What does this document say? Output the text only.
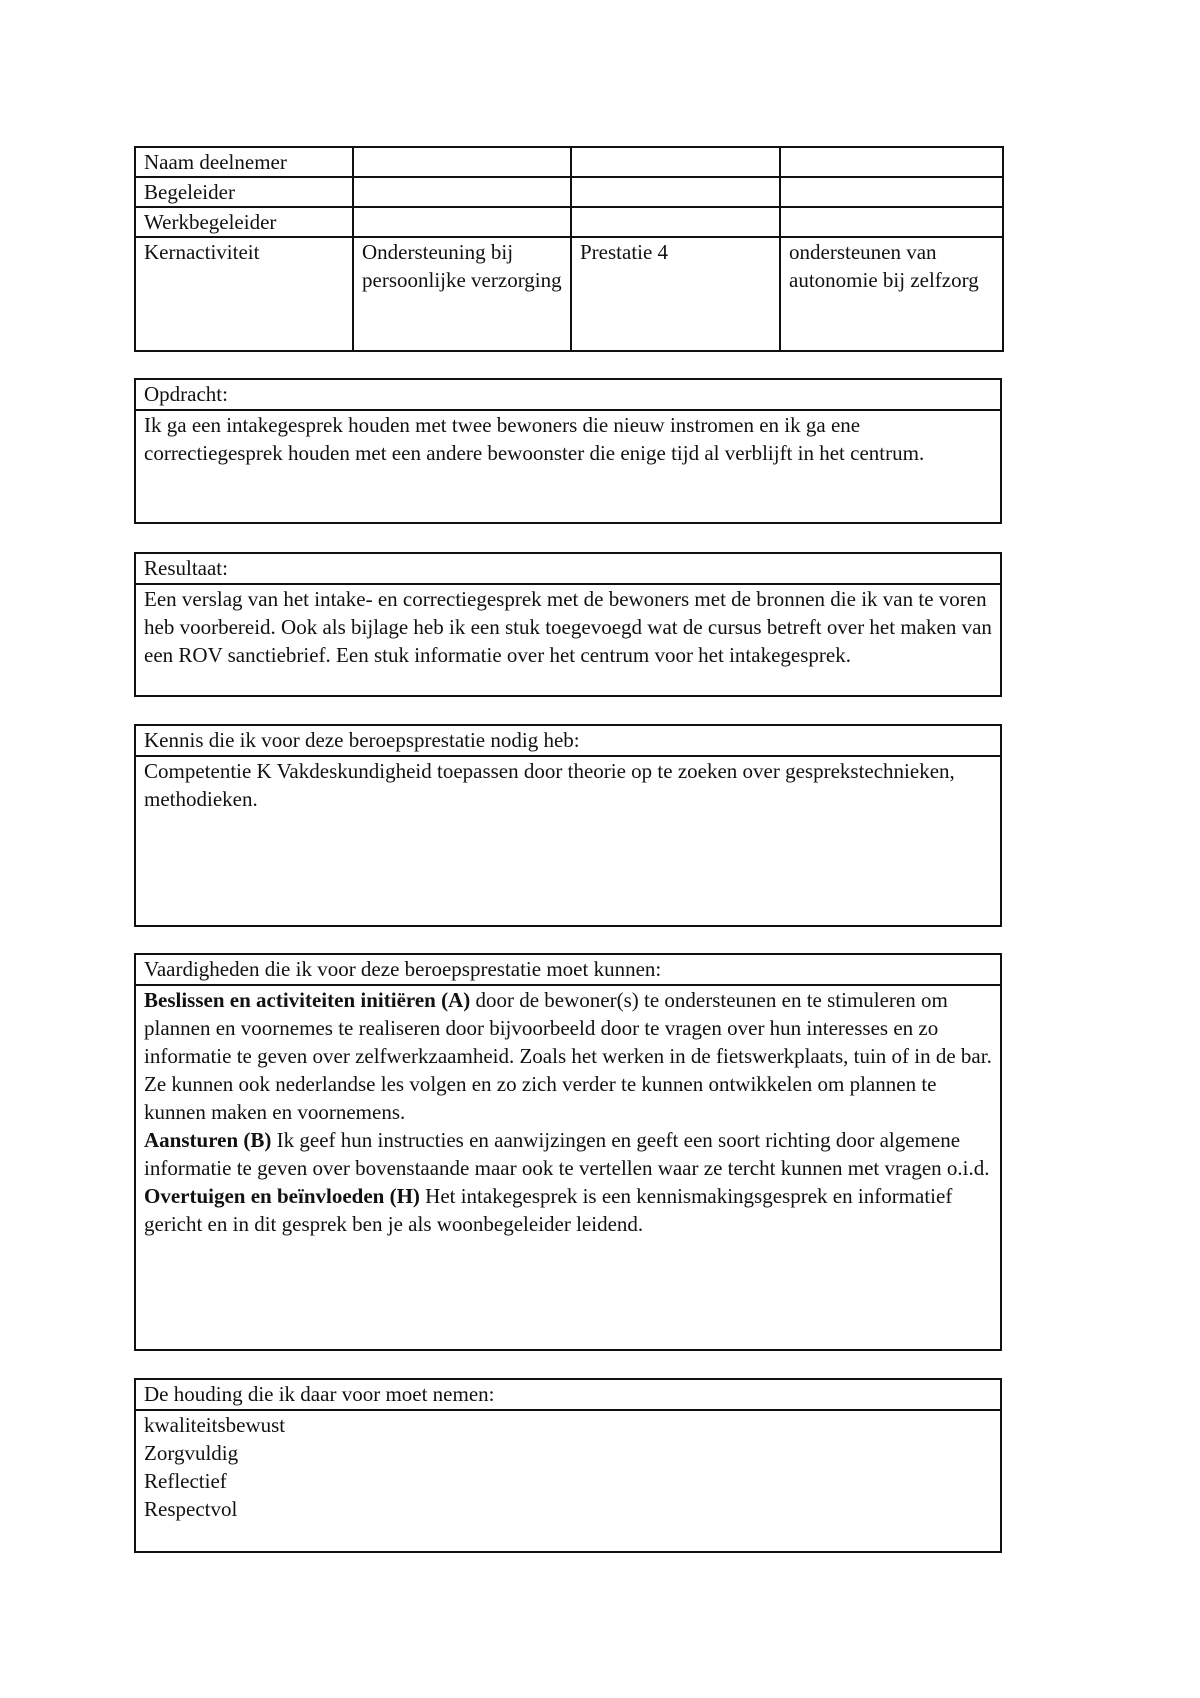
Naam deelnemer			
Begeleider			
Werkbegeleider			
Kernactiviteit	Ondersteuning bij persoonlijke verzorging	Prestatie 4	ondersteunen van autonomie bij zelfzorg
Opdracht:

Ik ga een intakegesprek houden met twee bewoners die nieuw instromen en ik ga ene correctiegesprek houden met een andere bewoonster die enige tijd al verblijft in het centrum.

Resultaat:

Een verslag van het intake- en correctiegesprek met de bewoners met de bronnen die ik van te voren heb voorbereid. Ook als bijlage heb ik een stuk toegevoegd wat de cursus betreft over het maken van een ROV sanctiebrief. Een stuk informatie over het centrum voor het intakegesprek.

Kennis die ik voor deze beroepsprestatie nodig heb:

Competentie K Vakdeskundigheid toepassen door theorie op te zoeken over gesprekstechnieken, methodieken.

Vaardigheden die ik voor deze beroepsprestatie moet kunnen:

Beslissen en activiteiten initiëren (A) door de bewoner(s) te ondersteunen en te stimuleren om plannen en voornemes te realiseren door bijvoorbeeld door te vragen over hun interesses en zo informatie te geven over zelfwerkzaamheid. Zoals het werken in de fietswerkplaats, tuin of in de bar. Ze kunnen ook nederlandse les volgen en zo zich verder te kunnen ontwikkelen om plannen te kunnen maken en voornemens.

Aansturen (B) Ik geef hun instructies en aanwijzingen en geeft een soort richting door algemene informatie te geven over bovenstaande maar ook te vertellen waar ze tercht kunnen met vragen o.i.d.

Overtuigen en beïnvloeden (H) Het intakegesprek is een kennismakingsgesprek en informatief gericht en in dit gesprek ben je als woonbegeleider leidend.

De houding die ik daar voor moet nemen:
kwaliteitsbewust
Zorgvuldig
Reflectief
Respectvol
